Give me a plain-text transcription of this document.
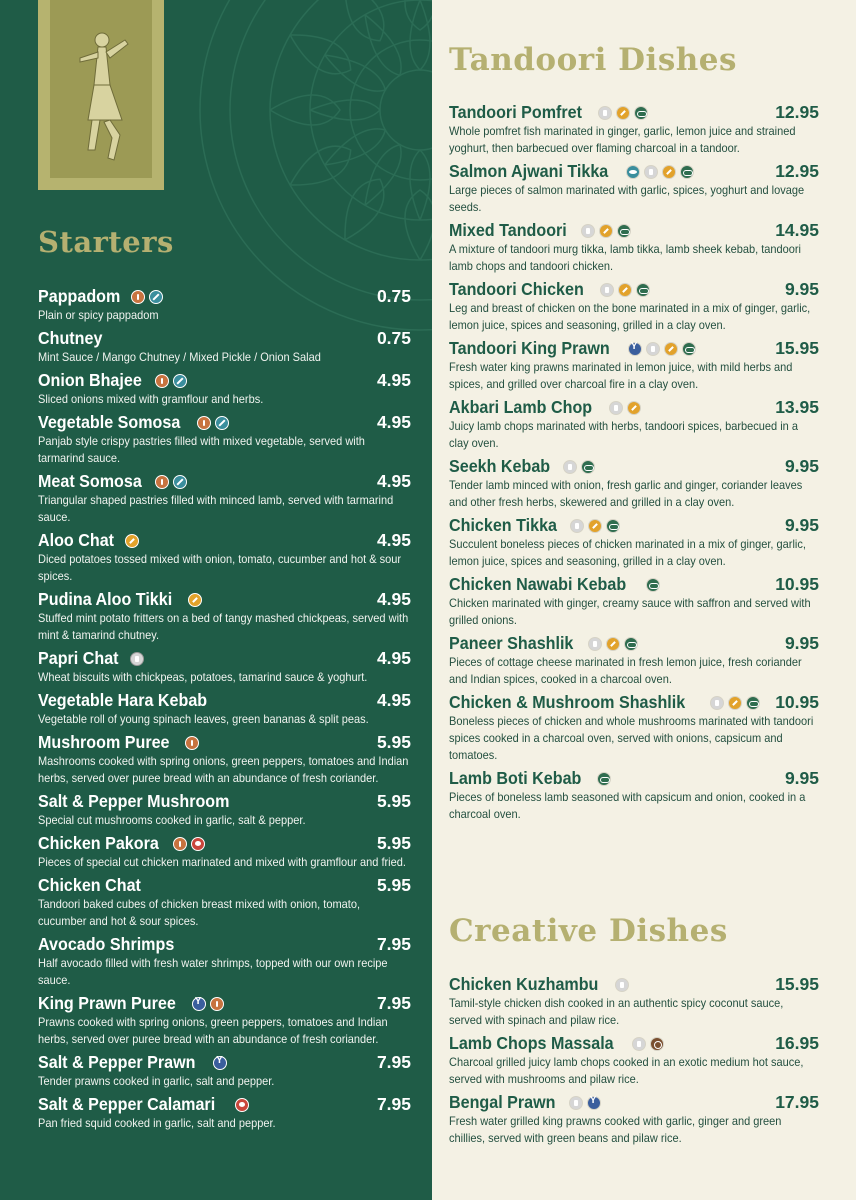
Starters
Pappadom	0.75
Plain or spicy pappadom
Chutney	0.75
Mint Sauce / Mango Chutney / Mixed Pickle / Onion Salad
Onion Bhajee	4.95
Sliced onions mixed with gramflour and herbs.
Vegetable Somosa	4.95
Panjab style crispy pastries filled with mixed vegetable, served with tarmarind sauce.
Meat Somosa	4.95
Triangular shaped pastries filled with minced lamb, served with tarmarind sauce.
Aloo Chat	4.95
Diced potatoes tossed mixed with onion, tomato, cucumber and hot & sour spices.
Pudina Aloo Tikki	4.95
Stuffed mint potato fritters on a bed of tangy mashed chickpeas, served with mint & tamarind chutney.
Papri Chat	4.95
Wheat biscuits with chickpeas, potatoes, tamarind sauce & yoghurt.
Vegetable Hara Kebab	4.95
Vegetable roll of young spinach leaves, green bananas & split peas.
Mushroom Puree	5.95
Mashrooms cooked with spring onions, green peppers, tomatoes and Indian herbs, served over puree bread with an abundance of fresh coriander.
Salt & Pepper Mushroom	5.95
Special cut mushrooms cooked in garlic, salt & pepper.
Chicken Pakora	5.95
Pieces of special cut chicken marinated and mixed with gramflour and fried.
Chicken Chat	5.95
Tandoori baked cubes of chicken breast mixed with onion, tomato, cucumber and hot & sour spices.
Avocado Shrimps	7.95
Half avocado filled with fresh water shrimps, topped with our own recipe sauce.
King Prawn Puree Y	7.95
Prawns cooked with spring onions, green peppers, tomatoes and Indian herbs, served over puree bread with an abundance of fresh coriander.
Salt & Pepper Prawn Y	7.95
Tender prawns cooked in garlic, salt and pepper.
Salt & Pepper Calamari	7.95
Pan fried squid cooked in garlic, salt and pepper.
Tandoori Dishes
Tandoori Pomfret	12.95
Whole pomfret fish marinated in ginger, garlic, lemon juice and strained yoghurt, then barbecued over flaming charcoal in a tandoor.
Salmon Ajwani Tikka	12.95
Large pieces of salmon marinated with garlic, spices, yoghurt and lovage seeds.
Mixed Tandoori	14.95
A mixture of tandoori murg tikka, lamb tikka, lamb sheek kebab, tandoori lamb chops and tandoori chicken.
Tandoori Chicken	9.95
Leg and breast of chicken on the bone marinated in a mix of ginger, garlic, lemon juice, spices and seasoning, grilled in a clay oven.
Tandoori King Prawn Y	15.95
Fresh water king prawns marinated in lemon juice, with mild herbs and spices, and grilled over charcoal fire in a clay oven.
Akbari Lamb Chop	13.95
Juicy lamb chops marinated with herbs, tandoori spices, barbecued in a clay oven.
Seekh Kebab	9.95
Tender lamb minced with onion, fresh garlic and ginger, coriander leaves and other fresh herbs, skewered and grilled in a clay oven.
Chicken Tikka	9.95
Succulent boneless pieces of chicken marinated in a mix of ginger, garlic, lemon juice, spices and seasoning, grilled in a clay oven.
Chicken Nawabi Kebab	10.95
Chicken marinated with ginger, creamy sauce with saffron and served with grilled onions.
Paneer Shashlik	9.95
Pieces of cottage cheese marinated in fresh lemon juice, fresh coriander and Indian spices, cooked in a charcoal oven.
Chicken & Mushroom Shashlik	10.95
Boneless pieces of chicken and whole mushrooms marinated with tandoori spices cooked in a charcoal oven, served with onions, capsicum and tomatoes.
Lamb Boti Kebab	9.95
Pieces of boneless lamb seasoned with capsicum and onion, cooked in a charcoal oven.
Creative Dishes
Chicken Kuzhambu	15.95
Tamil-style chicken dish cooked in an authentic spicy coconut sauce, served with spinach and pilaw rice.
Lamb Chops Massala	16.95
Charcoal grilled juicy lamb chops cooked in an exotic medium hot sauce, served with mushrooms and pilaw rice.
Bengal Prawn Y	17.95
Fresh water grilled king prawns cooked with garlic, ginger and green chillies, served with green beans and pilaw rice.
